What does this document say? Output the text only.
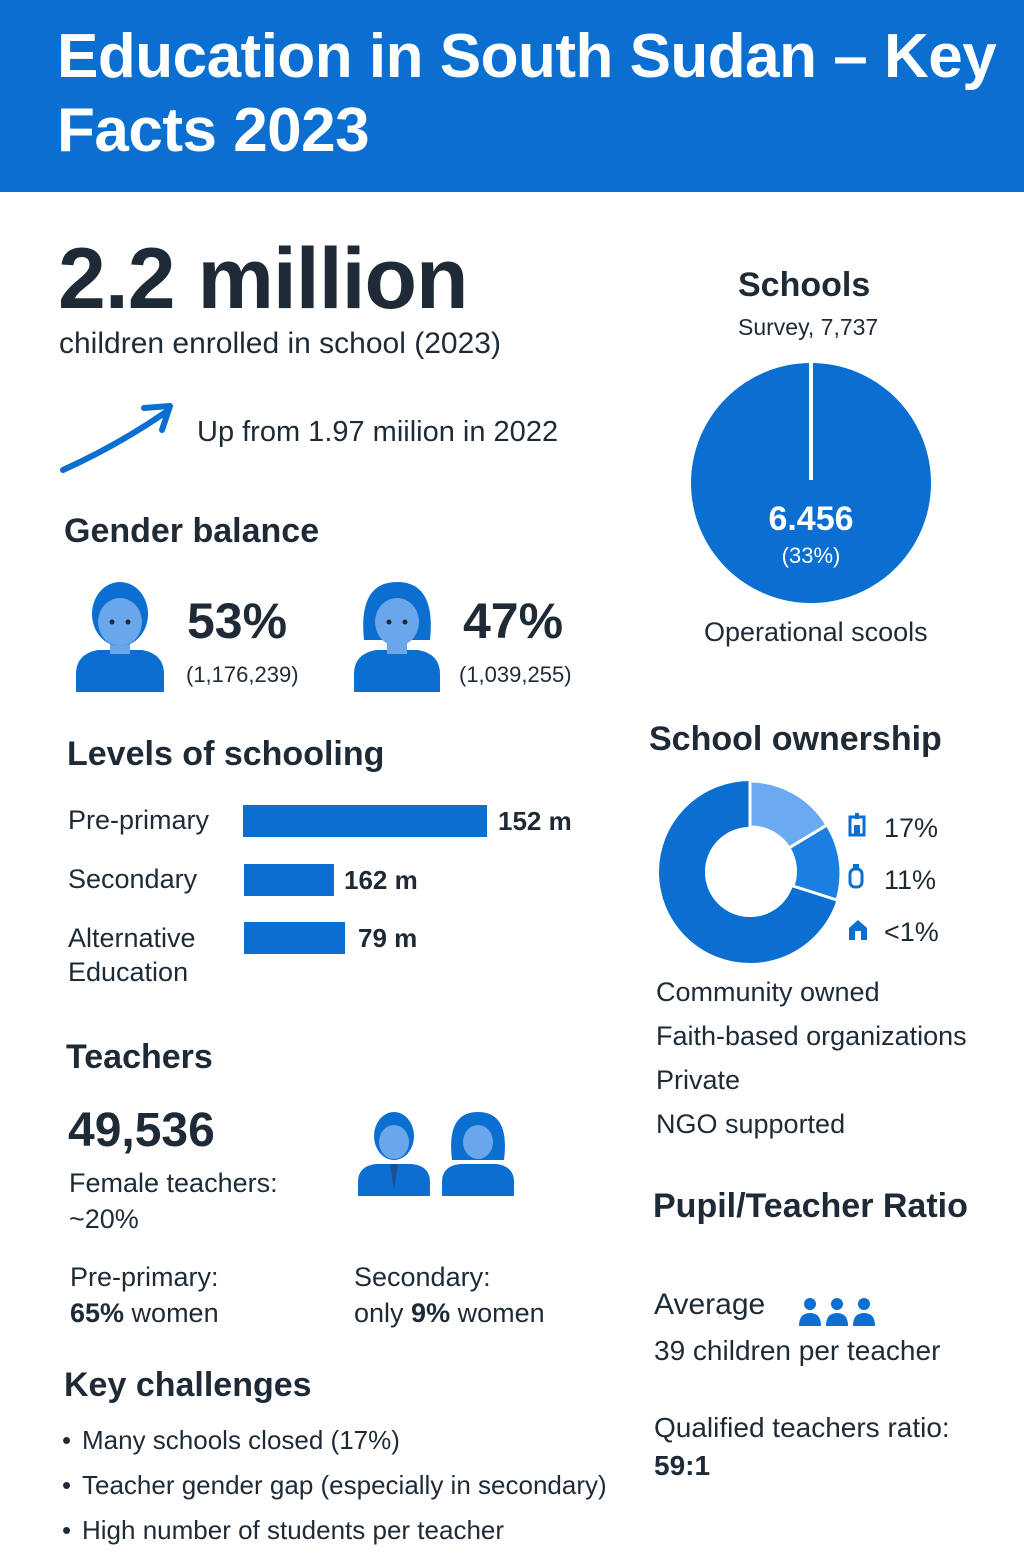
Education in South Sudan – Key Facts 2023
2.2 million
children enrolled in school (2023)
Up from 1.97 miilion in 2022
Gender balance
53%
(1,176,239)
47%
(1,039,255)
Levels of schooling
Pre-primary	152 m
Secondary	162 m
Alternative Education
79 m
Teachers
49,536
Female teachers:
~20%
Pre-primary:
65% women
Secondary:
only 9% women
Key challenges
• Many schools closed (17%)
• Teacher gender gap (especially in secondary)
• High number of students per teacher
Schools
Survey, 7,737
6.456
(33%)
Operational scools
School ownership
17%
11%
<1%
Community owned
Faith-based organizations
Private
NGO supported
Pupil/Teacher Ratio
Average
39 children per teacher
Qualified teachers ratio: 59:1
